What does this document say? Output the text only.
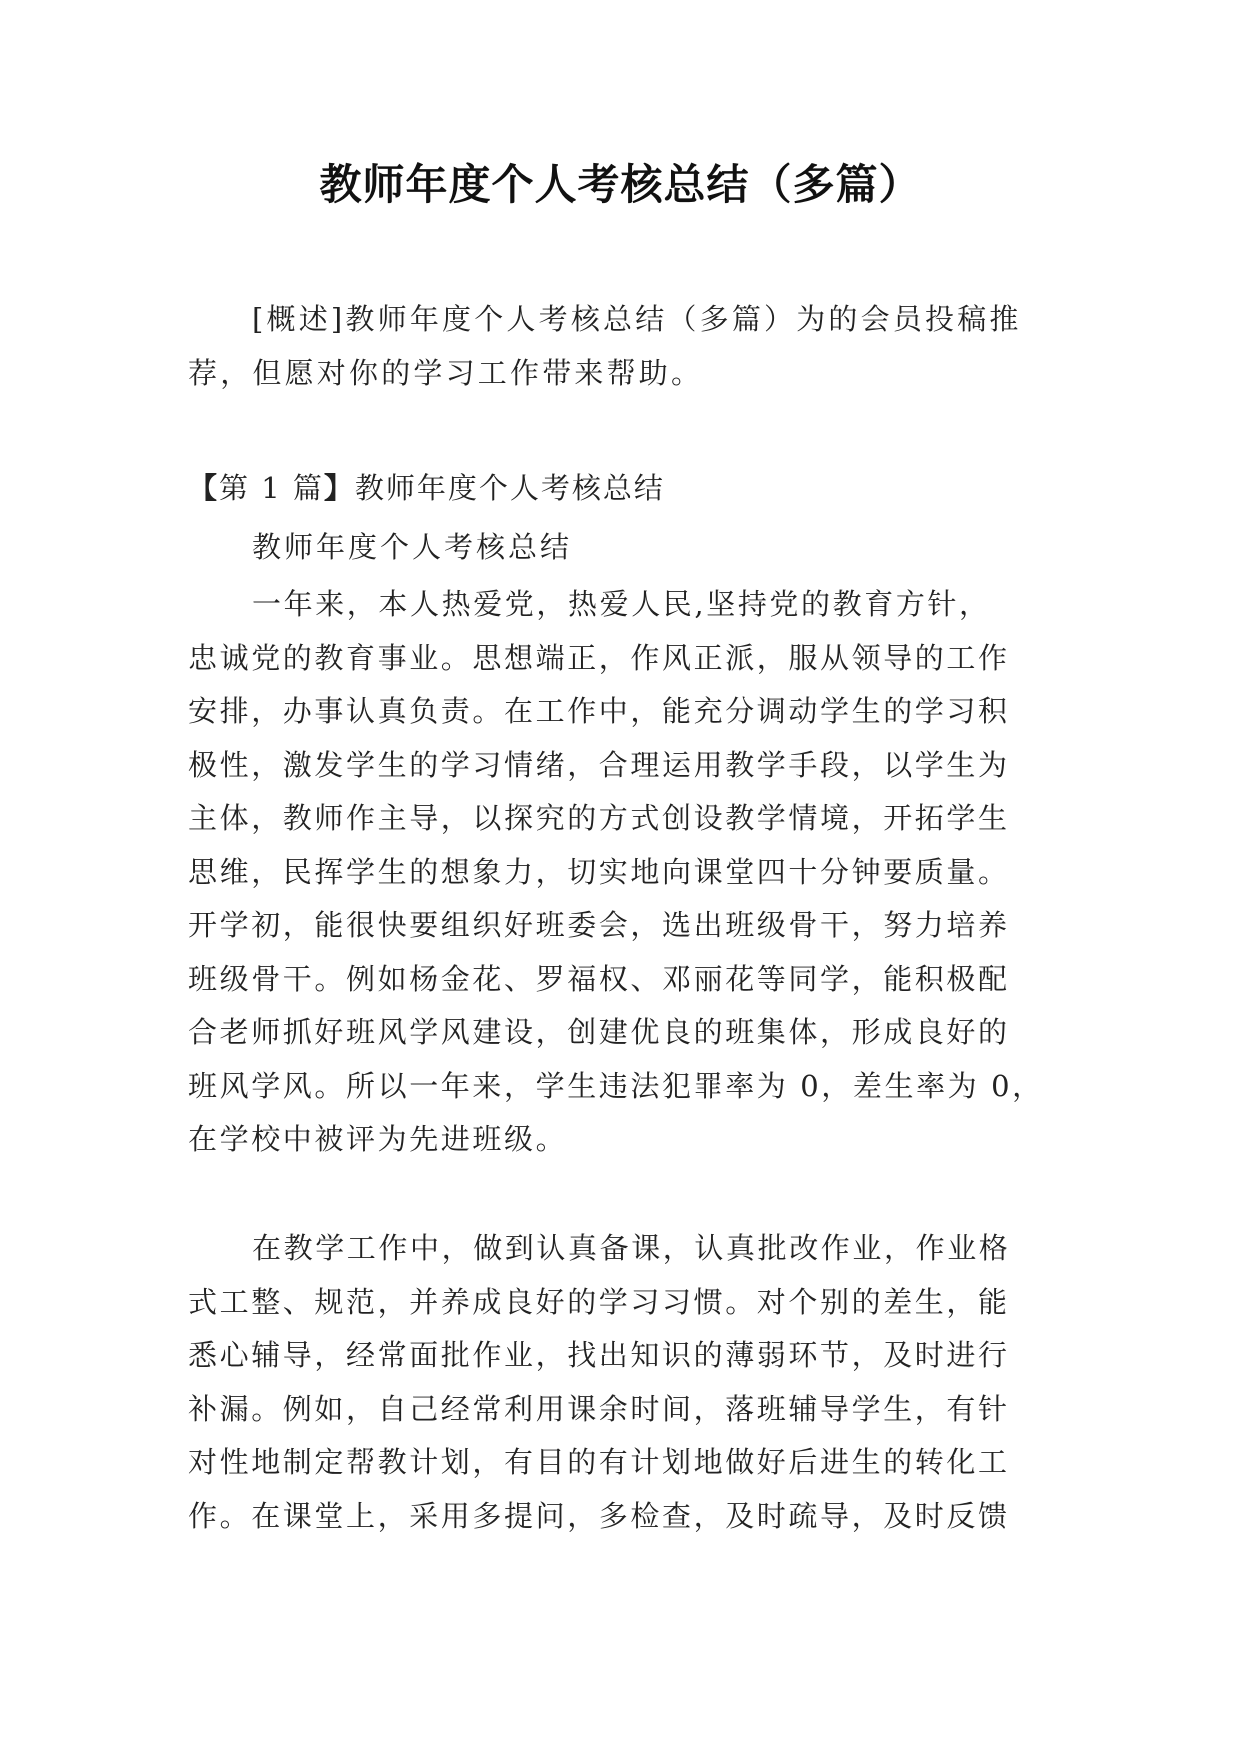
教师年度个人考核总结（多篇）
[概述]教师年度个人考核总结（多篇）为的会员投稿推
荐，但愿对你的学习工作带来帮助。
【第 1 篇】教师年度个人考核总结
教师年度个人考核总结
一年来，本人热爱党，热爱人民,坚持党的教育方针，
忠诚党的教育事业。思想端正，作风正派，服从领导的工作
安排，办事认真负责。在工作中，能充分调动学生的学习积
极性，激发学生的学习情绪，合理运用教学手段，以学生为
主体，教师作主导，以探究的方式创设教学情境，开拓学生
思维，民挥学生的想象力，切实地向课堂四十分钟要质量。
开学初，能很快要组织好班委会，选出班级骨干，努力培养
班级骨干。例如杨金花、罗福权、邓丽花等同学，能积极配
合老师抓好班风学风建设，创建优良的班集体，形成良好的
班风学风。所以一年来，学生违法犯罪率为 0，差生率为 0，
在学校中被评为先进班级。
在教学工作中，做到认真备课，认真批改作业，作业格
式工整、规范，并养成良好的学习习惯。对个别的差生，能
悉心辅导，经常面批作业，找出知识的薄弱环节，及时进行
补漏。例如，自己经常利用课余时间，落班辅导学生，有针
对性地制定帮教计划，有目的有计划地做好后进生的转化工
作。在课堂上，采用多提问，多检查，及时疏导，及时反馈
